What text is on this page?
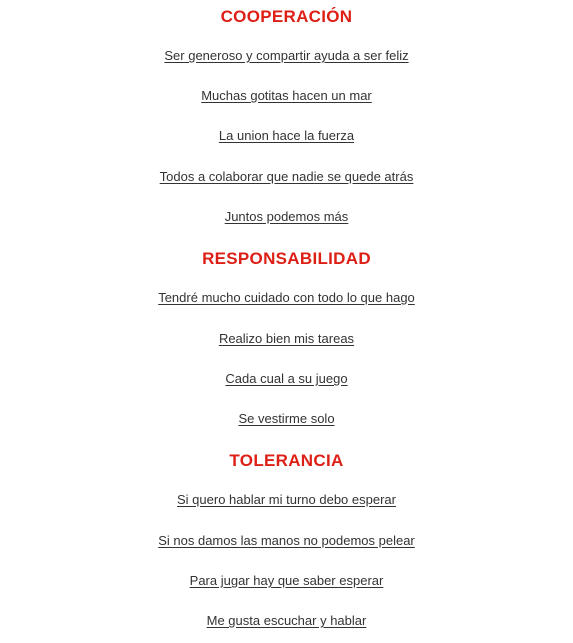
COOPERACIÓN
Ser generoso y compartir ayuda a ser feliz
Muchas gotitas hacen un mar
La union hace la fuerza
Todos a colaborar que nadie se quede atrás
Juntos podemos más
RESPONSABILIDAD
Tendré mucho cuidado con todo lo que hago
Realizo bien mis tareas
Cada cual a su juego
Se vestirme solo
TOLERANCIA
Si quero hablar mi turno debo esperar
Si nos damos las manos no podemos pelear
Para jugar hay que saber esperar
Me gusta escuchar y hablar
